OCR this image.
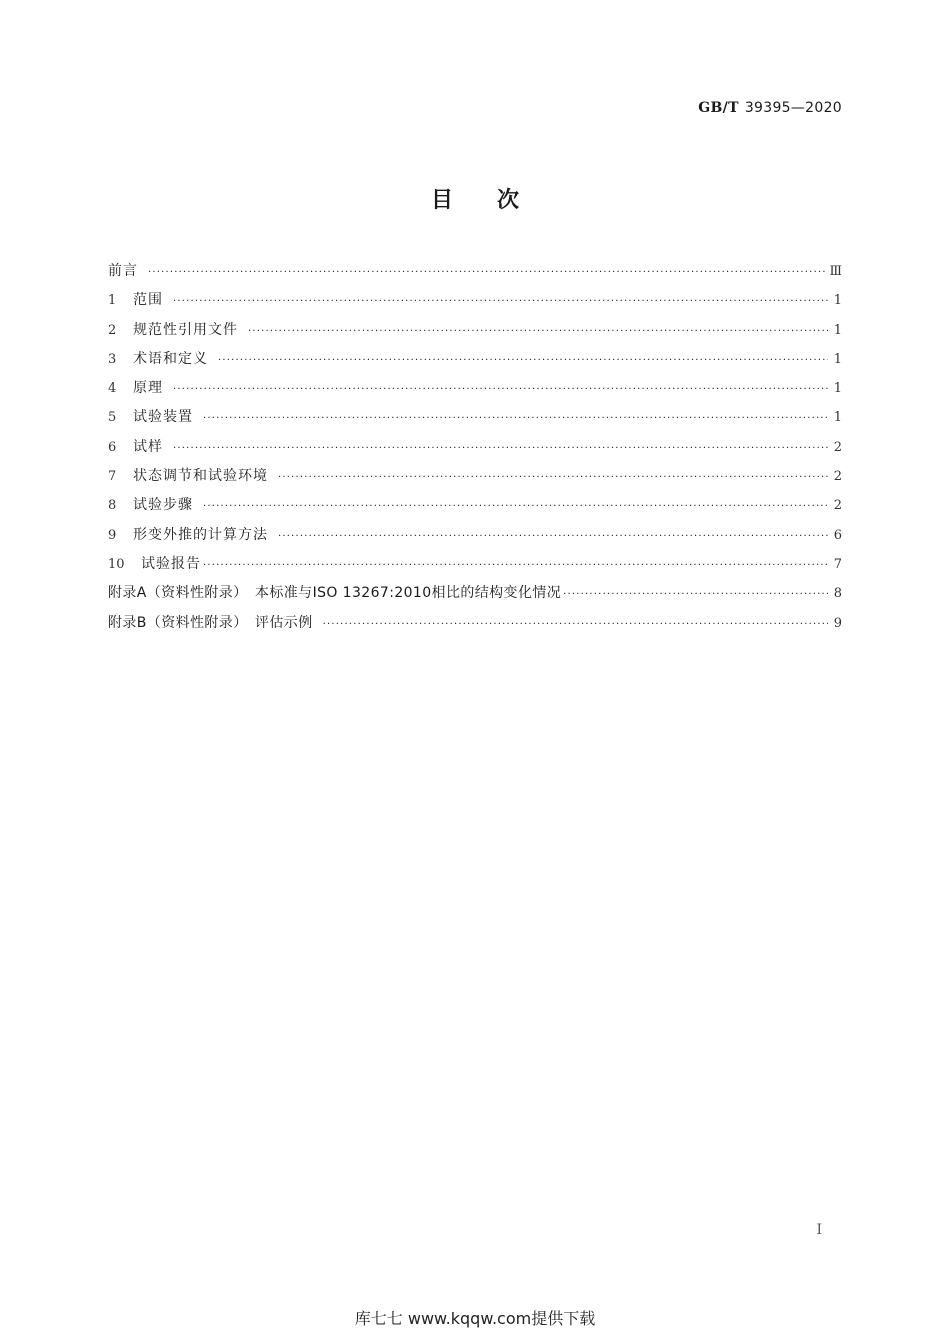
GB/T 39395—2020
目 次
前言 ·····	Ⅲ
1	范围 ·····	1
2	规范性引用文件 ·····	1
3	术语和定义 ·····	1
4	原理 ·····	1
5	试验装置 ·····	1
6	试样 ·····	2
7	状态调节和试验环境 ·····	2
8	试验步骤 ·····	2
9	形变外推的计算方法 ·····	6
10	试验报告 ·····	7
附录A（资料性附录）　本标准与ISO 13267:2010相比的结构变化情况 ·····	8
附录B（资料性附录）　评估示例 ·····	9
Ⅰ
库七七 www.kqqw.com提供下载
